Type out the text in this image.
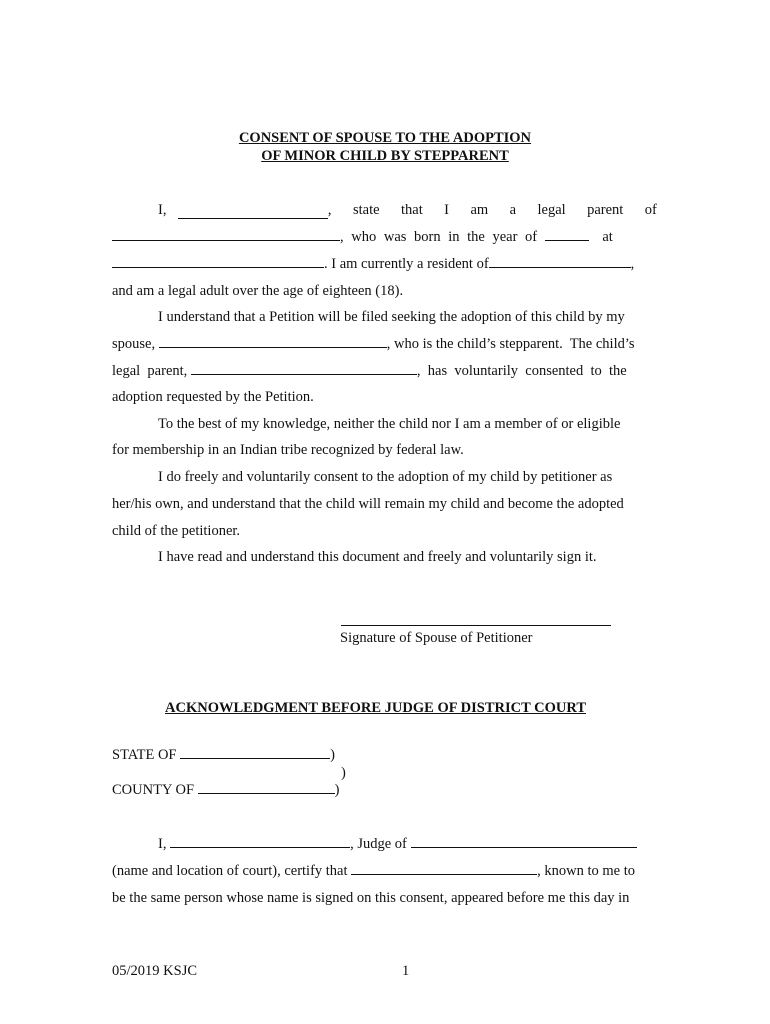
CONSENT OF SPOUSE TO THE ADOPTION
OF MINOR CHILD BY STEPPARENT
I,	, state that I am a legal parent of
, who was born in the year of	at
. I am currently a resident of	,
and am a legal adult over the age of eighteen (18).
I understand that a Petition will be filed seeking the adoption of this child by my
spouse,	, who is the child’s stepparent.  The child’s
legal  parent,	,  has  voluntarily  consented  to  the
adoption requested by the Petition.
To the best of my knowledge, neither the child nor I am a member of or eligible
for membership in an Indian tribe recognized by federal law.
I do freely and voluntarily consent to the adoption of my child by petitioner as
her/his own, and understand that the child will remain my child and become the adopted
child of the petitioner.
I have read and understand this document and freely and voluntarily sign it.
Signature of Spouse of Petitioner
ACKNOWLEDGMENT BEFORE JUDGE OF DISTRICT COURT
STATE OF	)
)
COUNTY OF	)
I,	, Judge of
(name and location of court), certify that	, known to me to
be the same person whose name is signed on this consent, appeared before me this day in
05/2019 KSJC	1
